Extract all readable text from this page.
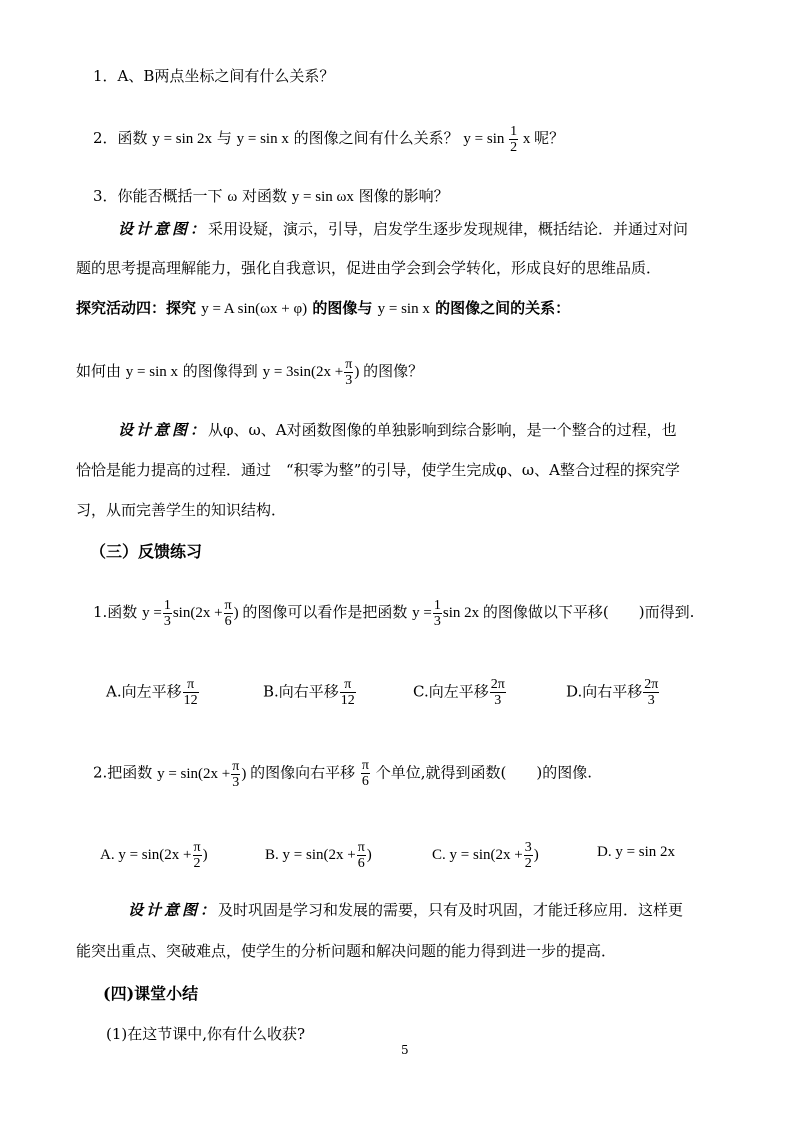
1．A、B两点坐标之间有什么关系？
2．函数 y = sin 2x 与 y = sin x 的图像之间有什么关系？ $y = \sin \frac{1}{2}$ x 呢？
3．你能否概括一下 ω 对函数 y = sin ωx 图像的影响？
设计意图：采用设疑，演示，引导，启发学生逐步发现规律，概括结论．并通过对问
题的思考提高理解能力，强化自我意识，促进由学会到会学转化，形成良好的思维品质．
探究活动四：探究 y = A sin(ωx + φ) 的图像与 y = sin x 的图像之间的关系：
如何由 y = sin x 的图像得到 $y = 3\sin(2x + \frac{\pi}{3}$ ) 的图像？
设计意图：从φ、ω、A对函数图像的单独影响到综合影响，是一个整合的过程，也
恰恰是能力提高的过程．通过　“积零为整”的引导，使学生完成φ、ω、A整合过程的探究学
习，从而完善学生的知识结构．
（三）反馈练习
1.函数 $y = \frac{1}{3} \sin(2x + \frac{\pi}{6}$ ) 的图像可以看作是把函数 $y = \frac{1}{3}$ sin 2x 的图像做以下平移(　　)而得到.
A.向左平移 $\frac{\pi}{12}$	B.向右平移 $\frac{\pi}{12}$	C.向左平移 $\frac{2\pi}{3}$	D.向右平移 $\frac{2\pi}{3}$
2.把函数 $y = \sin(2x + \frac{\pi}{3}$ ) 的图像向右平移 $\frac{\pi}{6}$ 个单位,就得到函数(　　)的图像.
A. $y = \sin(2x + \frac{\pi}{2}$ )	B. $y = \sin(2x + \frac{\pi}{6}$ )	C. $y = \sin(2x + \frac{3}{2}$ )	D. y = sin 2x
设计意图：及时巩固是学习和发展的需要，只有及时巩固，才能迁移应用．这样更
能突出重点、突破难点，使学生的分析问题和解决问题的能力得到进一步的提高．
(四)课堂小结
(1)在这节课中,你有什么收获?
5
